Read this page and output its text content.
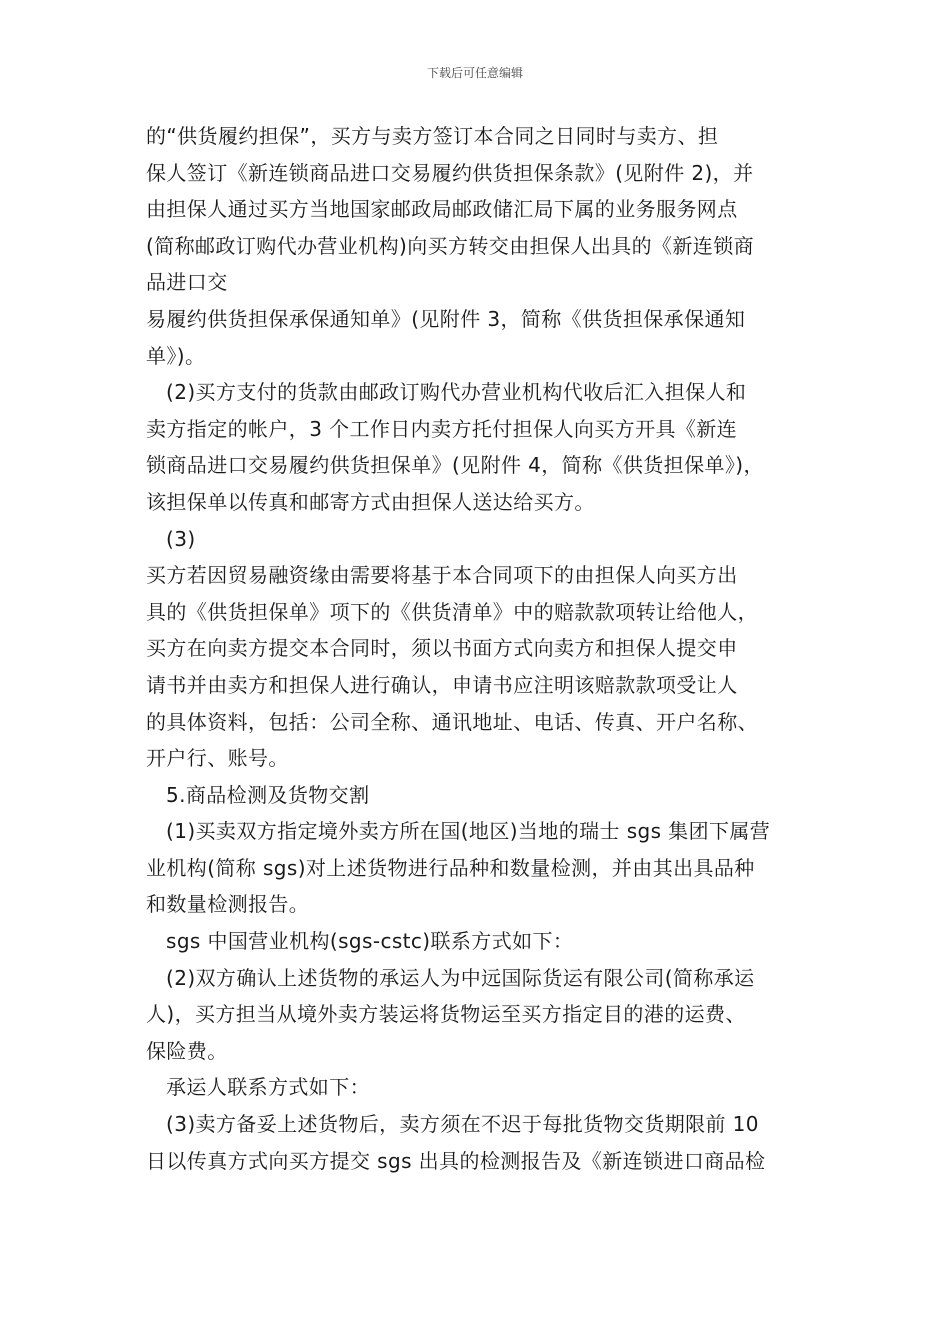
下载后可任意编辑
的“供货履约担保”，买方与卖方签订本合同之日同时与卖方、担
保人签订《新连锁商品进口交易履约供货担保条款》(见附件 2)，并
由担保人通过买方当地国家邮政局邮政储汇局下属的业务服务网点
(简称邮政订购代办营业机构)向买方转交由担保人出具的《新连锁商
品进口交
易履约供货担保承保通知单》(见附件 3，简称《供货担保承保通知
单》)。
(2)买方支付的货款由邮政订购代办营业机构代收后汇入担保人和
卖方指定的帐户，3 个工作日内卖方托付担保人向买方开具《新连
锁商品进口交易履约供货担保单》(见附件 4，简称《供货担保单》)，
该担保单以传真和邮寄方式由担保人送达给买方。
(3)
买方若因贸易融资缘由需要将基于本合同项下的由担保人向买方出
具的《供货担保单》项下的《供货清单》中的赔款款项转让给他人，
买方在向卖方提交本合同时，须以书面方式向卖方和担保人提交申
请书并由卖方和担保人进行确认，申请书应注明该赔款款项受让人
的具体资料，包括：公司全称、通讯地址、电话、传真、开户名称、
开户行、账号。
5.商品检测及货物交割
(1)买卖双方指定境外卖方所在国(地区)当地的瑞士 sgs 集团下属营
业机构(简称 sgs)对上述货物进行品种和数量检测，并由其出具品种
和数量检测报告。
sgs 中国营业机构(sgs-cstc)联系方式如下：
(2)双方确认上述货物的承运人为中远国际货运有限公司(简称承运
人)，买方担当从境外卖方装运将货物运至买方指定目的港的运费、
保险费。
承运人联系方式如下：
(3)卖方备妥上述货物后，卖方须在不迟于每批货物交货期限前 10
日以传真方式向买方提交 sgs 出具的检测报告及《新连锁进口商品检
